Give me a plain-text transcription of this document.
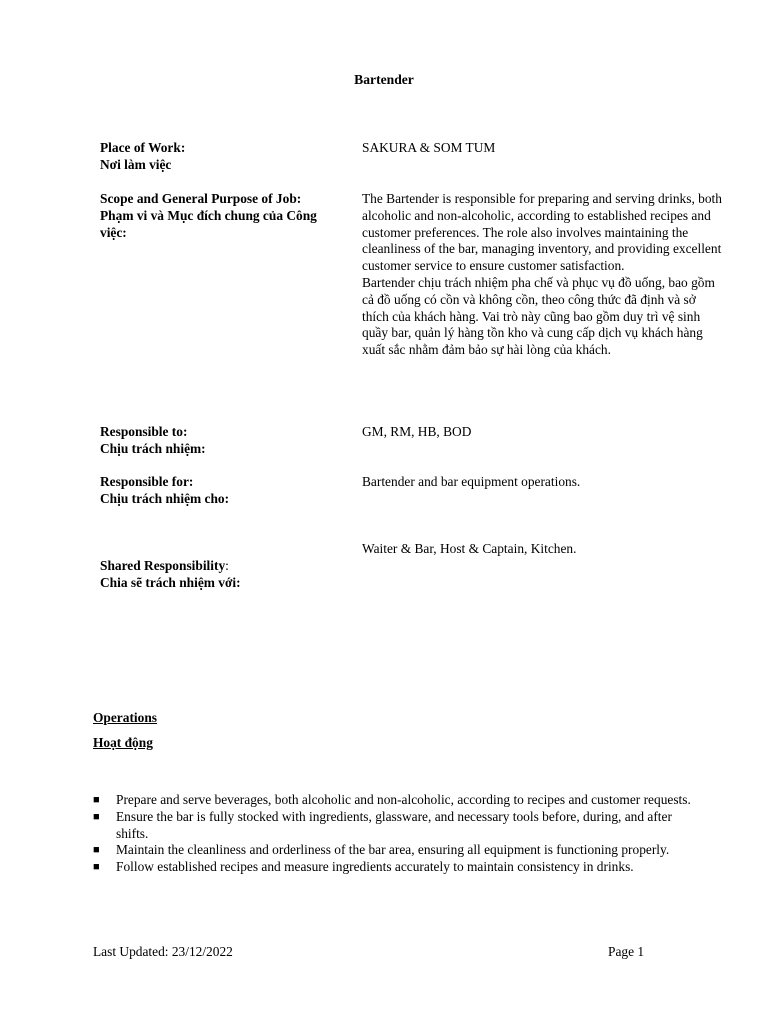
Bartender
Place of Work:
Nơi làm việc
SAKURA & SOM TUM
Scope and General Purpose of Job:
Phạm vi và Mục đích chung của Công việc:
The Bartender is responsible for preparing and serving drinks, both alcoholic and non-alcoholic, according to established recipes and customer preferences. The role also involves maintaining the cleanliness of the bar, managing inventory, and providing excellent customer service to ensure customer satisfaction.
Bartender chịu trách nhiệm pha chế và phục vụ đồ uống, bao gồm cả đồ uống có cồn và không cồn, theo công thức đã định và sở thích của khách hàng. Vai trò này cũng bao gồm duy trì vệ sinh quầy bar, quản lý hàng tồn kho và cung cấp dịch vụ khách hàng xuất sắc nhằm đảm bảo sự hài lòng của khách.
Responsible to:
Chịu trách nhiệm:
GM, RM, HB, BOD
Responsible for:
Chịu trách nhiệm cho:
Bartender and bar equipment operations.
Waiter & Bar, Host & Captain, Kitchen.
Shared Responsibility:
Chia sẽ trách nhiệm với:
Operations
Hoạt động
■ Prepare and serve beverages, both alcoholic and non-alcoholic, according to recipes and customer requests.
■ Ensure the bar is fully stocked with ingredients, glassware, and necessary tools before, during, and after shifts.
■ Maintain the cleanliness and orderliness of the bar area, ensuring all equipment is functioning properly.
■ Follow established recipes and measure ingredients accurately to maintain consistency in drinks.
Last Updated: 23/12/2022	Page 1
